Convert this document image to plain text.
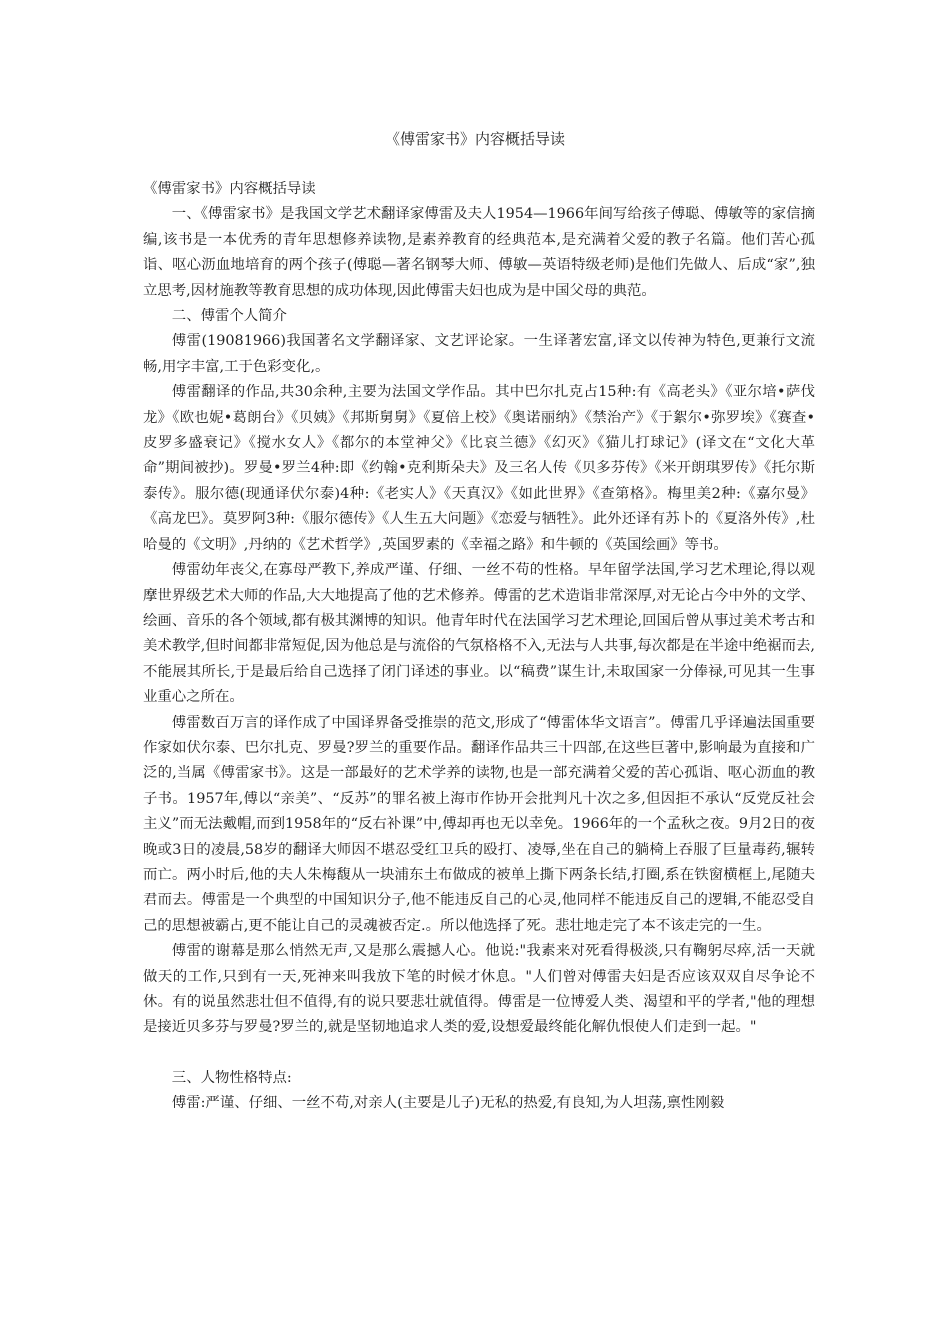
《傅雷家书》内容概括导读

《傅雷家书》内容概括导读

一、《傅雷家书》是我国文学艺术翻译家傅雷及夫人1954—1966年间写给孩子傅聪、傅敏等的家信摘编,该书是一本优秀的青年思想修养读物,是素养教育的经典范本,是充满着父爱的教子名篇。他们苦心孤诣、呕心沥血地培育的两个孩子(傅聪—著名钢琴大师、傅敏—英语特级老师)是他们先做人、后成“家”,独立思考,因材施教等教育思想的成功体现,因此傅雷夫妇也成为是中国父母的典范。

二、傅雷个人简介

傅雷(19081966)我国著名文学翻译家、文艺评论家。一生译著宏富,译文以传神为特色,更兼行文流畅,用字丰富,工于色彩变化,。

傅雷翻译的作品,共30余种,主要为法国文学作品。其中巴尔扎克占15种:有《高老头》《亚尔培•萨伐龙》《欧也妮•葛朗台》《贝姨》《邦斯舅舅》《夏倍上校》《奥诺丽纳》《禁治产》《于絮尔•弥罗埃》《赛查•皮罗多盛衰记》《搅水女人》《都尔的本堂神父》《比哀兰德》《幻灭》《猫儿打球记》(译文在“文化大革命”期间被抄)。罗曼•罗兰4种:即《约翰•克利斯朵夫》及三名人传《贝多芬传》《米开朗琪罗传》《托尔斯泰传》。服尔德(现通译伏尔泰)4种:《老实人》《天真汉》《如此世界》《查第格》。梅里美2种:《嘉尔曼》《高龙巴》。莫罗阿3种:《服尔德传》《人生五大问题》《恋爱与牺牲》。此外还译有苏卜的《夏洛外传》,杜哈曼的《文明》,丹纳的《艺术哲学》,英国罗素的《幸福之路》和牛顿的《英国绘画》等书。

傅雷幼年丧父,在寡母严教下,养成严谨、仔细、一丝不苟的性格。早年留学法国,学习艺术理论,得以观摩世界级艺术大师的作品,大大地提高了他的艺术修养。傅雷的艺术造诣非常深厚,对无论占今中外的文学、绘画、音乐的各个领域,都有极其渊博的知识。他青年时代在法国学习艺术理论,回国后曾从事过美术考古和美术教学,但时间都非常短促,因为他总是与流俗的气氛格格不入,无法与人共事,每次都是在半途中绝裾而去,不能展其所长,于是最后给自己选择了闭门译述的事业。以“稿费”谋生计,未取国家一分俸禄,可见其一生事业重心之所在。

傅雷数百万言的译作成了中国译界备受推崇的范文,形成了“傅雷体华文语言”。傅雷几乎译遍法国重要作家如伏尔泰、巴尔扎克、罗曼?罗兰的重要作品。翻译作品共三十四部,在这些巨著中,影响最为直接和广泛的,当属《傅雷家书》。这是一部最好的艺术学养的读物,也是一部充满着父爱的苦心孤诣、呕心沥血的教子书。1957年,傅以“亲美”、“反苏”的罪名被上海市作协开会批判凡十次之多,但因拒不承认“反党反社会主义”而无法戴帽,而到1958年的“反右补课”中,傅却再也无以幸免。1966年的一个孟秋之夜。9月2日的夜晚或3日的凌晨,58岁的翻译大师因不堪忍受红卫兵的殴打、凌辱,坐在自己的躺椅上吞服了巨量毒药,辗转而亡。两小时后,他的夫人朱梅馥从一块浦东土布做成的被单上撕下两条长结,打圈,系在铁窗横框上,尾随夫君而去。傅雷是一个典型的中国知识分子,他不能违反自己的心灵,他同样不能违反自己的逻辑,不能忍受自己的思想被霸占,更不能让自己的灵魂被否定.。所以他选择了死。悲壮地走完了本不该走完的一生。

傅雷的谢幕是那么悄然无声,又是那么震撼人心。他说:"我素来对死看得极淡,只有鞠躬尽瘁,活一天就做天的工作,只到有一天,死神来叫我放下笔的时候才休息。"人们曾对傅雷夫妇是否应该双双自尽争论不休。有的说虽然悲壮但不值得,有的说只要悲壮就值得。傅雷是一位博爱人类、渴望和平的学者,"他的理想是接近贝多芬与罗曼?罗兰的,就是坚韧地追求人类的爱,设想爱最终能化解仇恨使人们走到一起。"

三、人物性格特点:

傅雷:严谨、仔细、一丝不苟,对亲人(主要是儿子)无私的热爱,有良知,为人坦荡,禀性刚毅
